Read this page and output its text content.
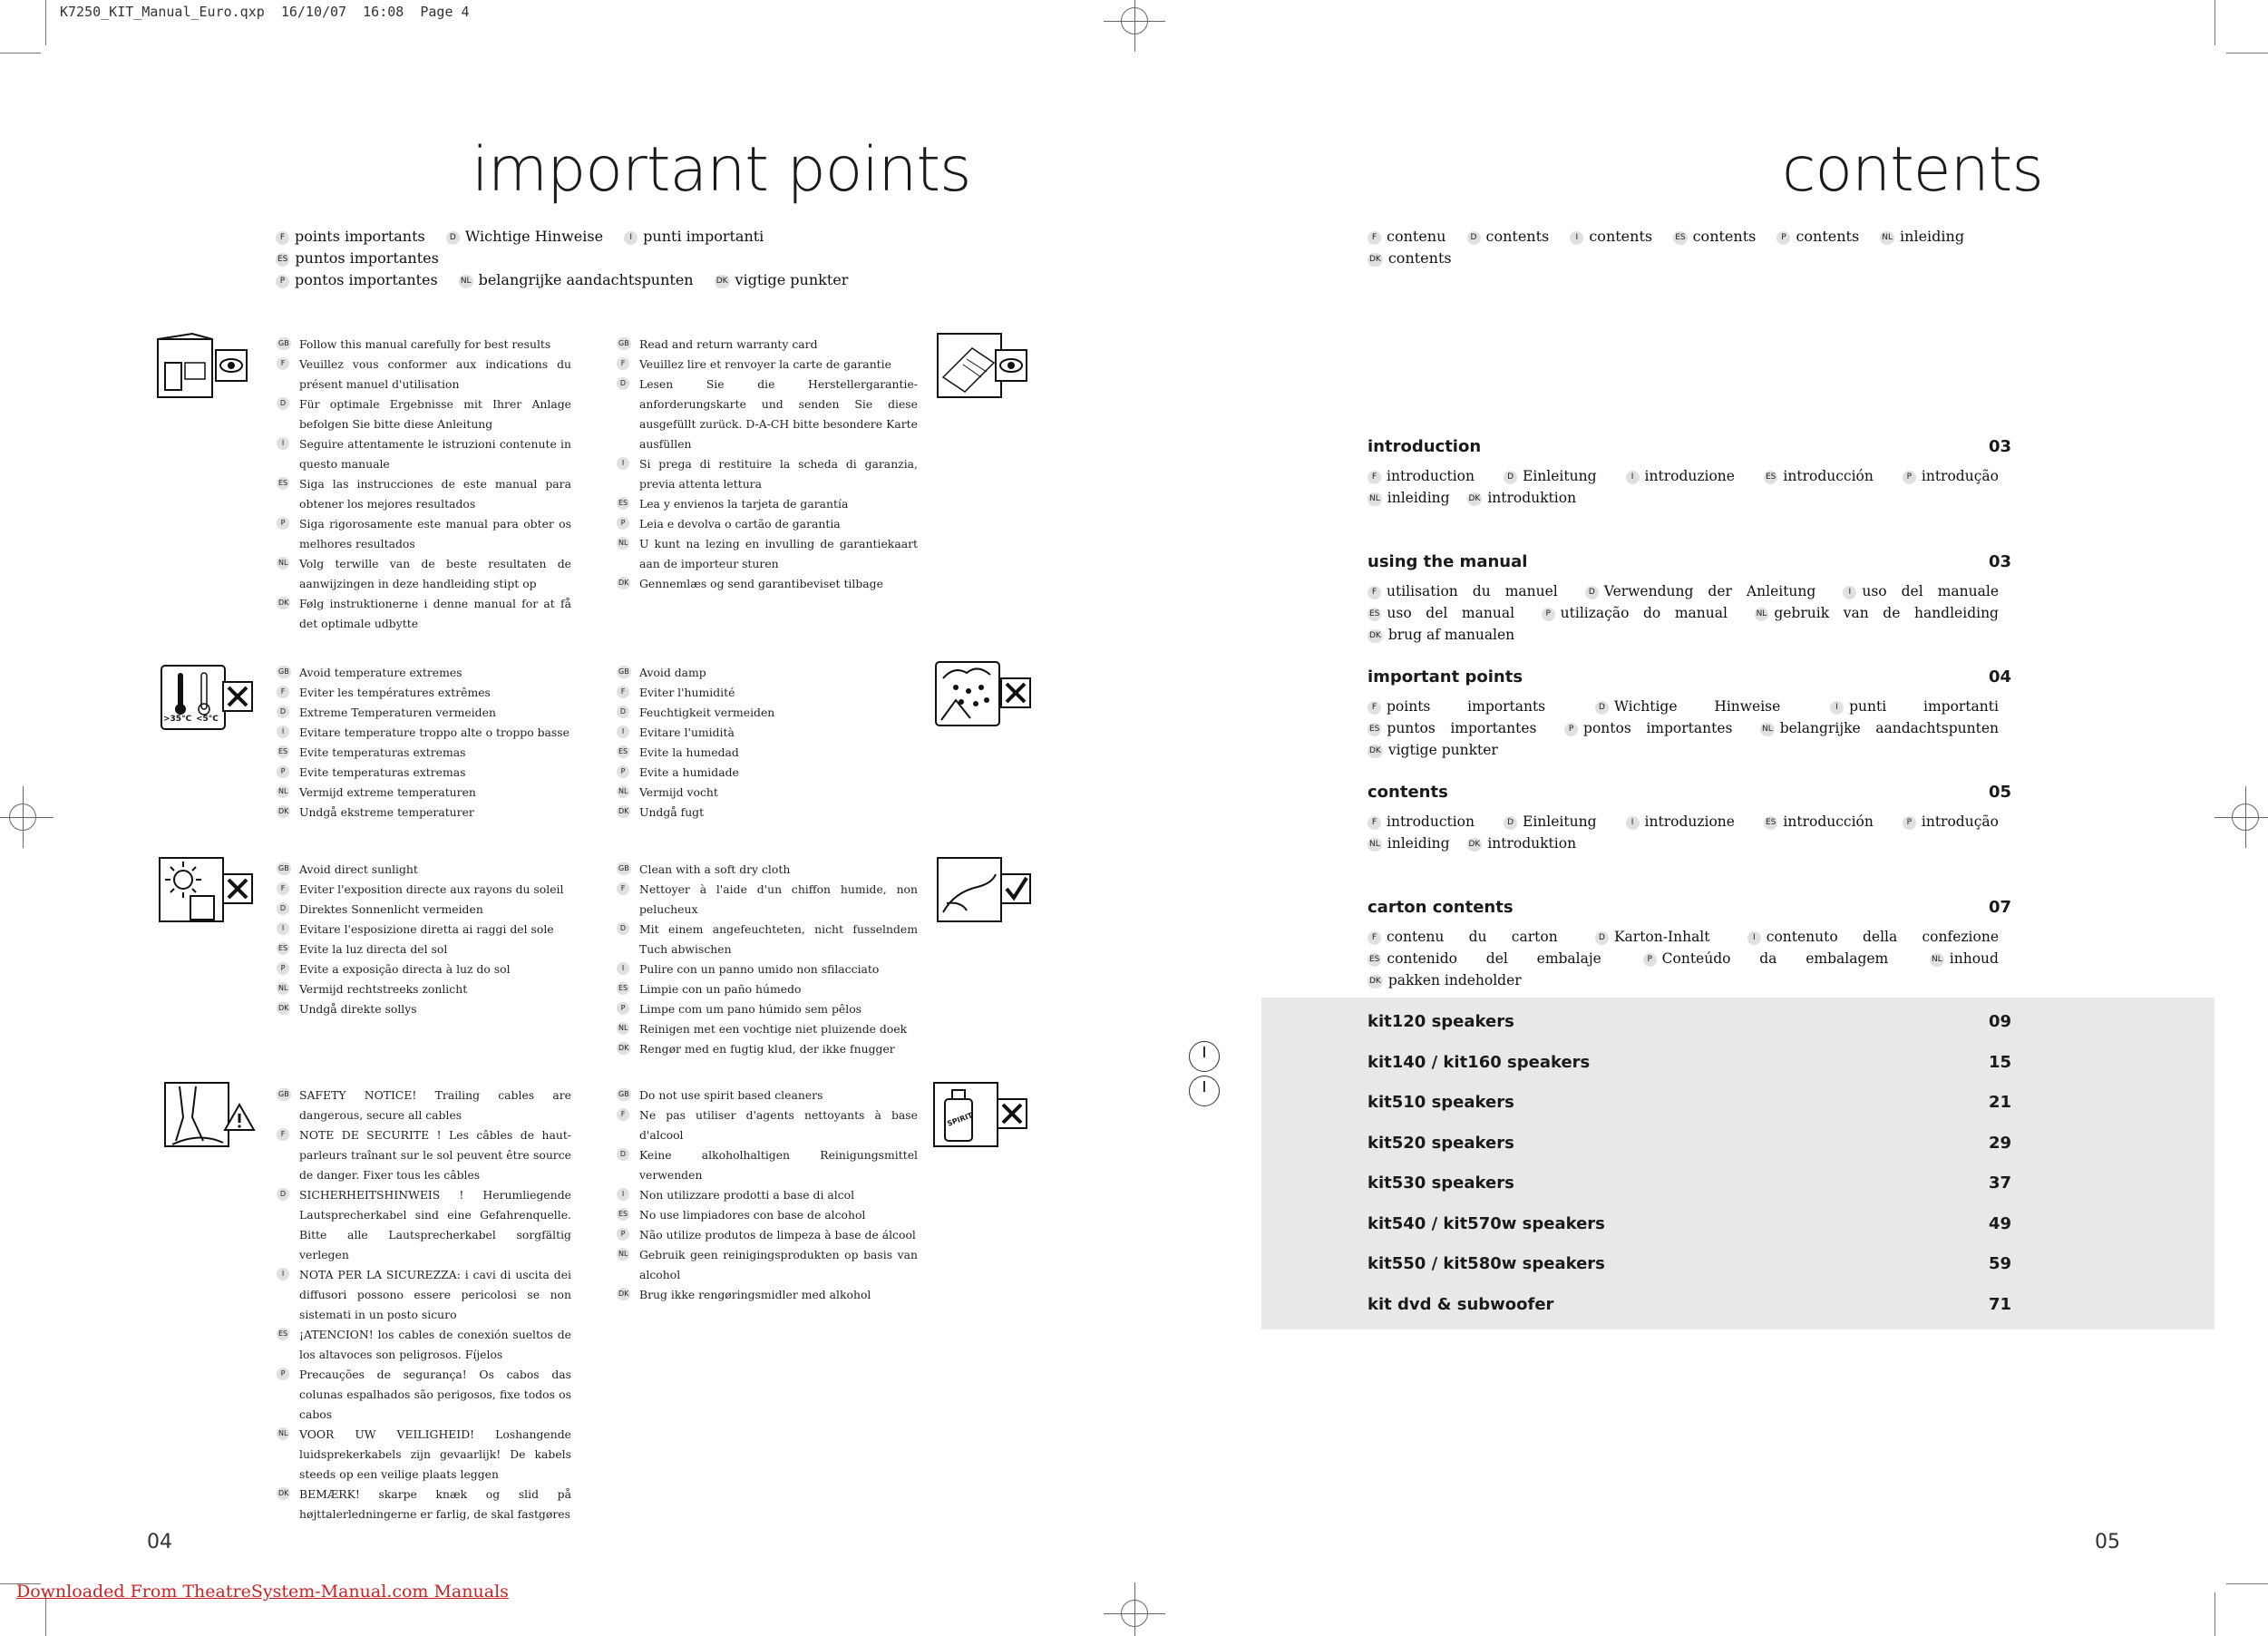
K7250_KIT_Manual_Euro.qxp  16/10/07  16:08  Page 4
important points
F points importants	D Wichtige Hinweise	I punti importanti ES puntos importantes
P pontos importantes	NL belangrijke aandachtspunten	DK vigtige punkter
>35°C <5°C
SPIRIT
GB Follow this manual carefully for best results
F	Veuillez vous conformer aux indications du présent manuel d'utilisation
D	Für optimale Ergebnisse mit Ihrer Anlage befolgen Sie bitte diese Anleitung
I	Seguire attentamente le istruzioni contenute in questo manuale
ES Siga las instrucciones de este manual para obtener los mejores resultados
P	Siga rigorosamente este manual para obter os melhores resultados
NL Volg terwille van de beste resultaten de aanwijzingen in deze handleiding stipt op
DK Følg instruktionerne i denne manual for at få det optimale udbytte
GB Read and return warranty card
F	Veuillez lire et renvoyer la carte de garantie
D	Lesen Sie die Herstellergarantie-anforderungskarte und senden Sie diese ausgefüllt zurück. D-A-CH bitte besondere Karte ausfüllen
I	Si prega di restituire la scheda di garanzia, previa attenta lettura
ES Lea y envienos la tarjeta de garantía
P	Leia e devolva o cartão de garantia
NL U kunt na lezing en invulling de garantiekaart aan de importeur sturen
DK Gennemlæs og send garantibeviset tilbage
GB Avoid temperature extremes
F	Eviter les températures extrêmes
D	Extreme Temperaturen vermeiden
I	Evitare temperature troppo alte o troppo basse
ES Evite temperaturas extremas
P	Evite temperaturas extremas
NL Vermijd extreme temperaturen
DK Undgå ekstreme temperaturer
GB Avoid damp
F	Eviter l'humidité
D	Feuchtigkeit vermeiden
I	Evitare l'umidità
ES Evite la humedad
P	Evite a humidade
NL Vermijd vocht
DK Undgå fugt
GB Avoid direct sunlight
F	Eviter l'exposition directe aux rayons du soleil
D	Direktes Sonnenlicht vermeiden
I	Evitare l'esposizione diretta ai raggi del sole
ES Evite la luz directa del sol
P	Evite a exposição directa à luz do sol
NL Vermijd rechtstreeks zonlicht
DK Undgå direkte sollys
GB Clean with a soft dry cloth
F	Nettoyer à l'aide d'un chiffon humide, non pelucheux
D	Mit einem angefeuchteten, nicht fusselndem Tuch abwischen
I	Pulire con un panno umido non sfilacciato
ES Limpie con un paño húmedo
P	Limpe com um pano húmido sem pêlos
NL Reinigen met een vochtige niet pluizende doek
DK Rengør med en fugtig klud, der ikke fnugger
GB SAFETY NOTICE! Trailing cables are dangerous, secure all cables
F	NOTE DE SECURITE ! Les câbles de haut-parleurs traînant sur le sol peuvent être source de danger. Fixer tous les câbles
D	SICHERHEITSHINWEIS ! Herumliegende Lautsprecherkabel sind eine Gefahrenquelle. Bitte alle Lautsprecherkabel sorgfältig verlegen
I	NOTA PER LA SICUREZZA: i cavi di uscita dei diffusori possono essere pericolosi se non sistemati in un posto sicuro
ES ¡ATENCION! los cables de conexión sueltos de los altavoces son peligrosos. Fíjelos
P	Precauções de segurança! Os cabos das colunas espalhados são perigosos, fixe todos os cabos
NL VOOR UW VEILIGHEID! Loshangende luidsprekerkabels zijn gevaarlijk! De kabels steeds op een veilige plaats leggen
DK BEMÆRK! skarpe knæk og slid på højttalerledningerne er farlig, de skal fastgøres
GB Do not use spirit based cleaners
F	Ne pas utiliser d'agents nettoyants à base d'alcool
D	Keine alkoholhaltigen Reinigungsmittel verwenden
I	Non utilizzare prodotti a base di alcol
ES No use limpiadores con base de alcohol
P	Não utilize produtos de limpeza à base de álcool
NL Gebruik geen reinigingsprodukten op basis van alcohol
DK Brug ikke rengøringsmidler med alkohol
04
contents
F contenu	D contents	I contents	ES contents	P contents	NL inleiding
DK contents
introduction	03
F introduction	D Einleitung	I introduzione	ES introducción	P introdução NL inleiding DK introduktion
using the manual	03
F utilisation du manuel	D Verwendung der Anleitung	I uso del manuale ES uso del manual	P utilização do manual	NL gebruik van de handleiding DK brug af manualen
important points	04
F points importants	D Wichtige Hinweise	I punti importanti ES puntos importantes	P pontos importantes	NL belangrijke aandachtspunten DK vigtige punkter
contents	05
F introduction	D Einleitung	I introduzione	ES introducción	P introdução NL inleiding DK introduktion
carton contents	07
F contenu du carton	D Karton-Inhalt	I contenuto della confezione ES contenido del embalaje	P Conteúdo da embalagem	NL inhoud DK pakken indeholder
kit120 speakers	09
kit140 / kit160 speakers	15
kit510 speakers	21
kit520 speakers	29
kit530 speakers	37
kit540 / kit570w speakers	49
kit550 / kit580w speakers	59
kit dvd & subwoofer	71
05
Downloaded From TheatreSystem-Manual.com Manuals
